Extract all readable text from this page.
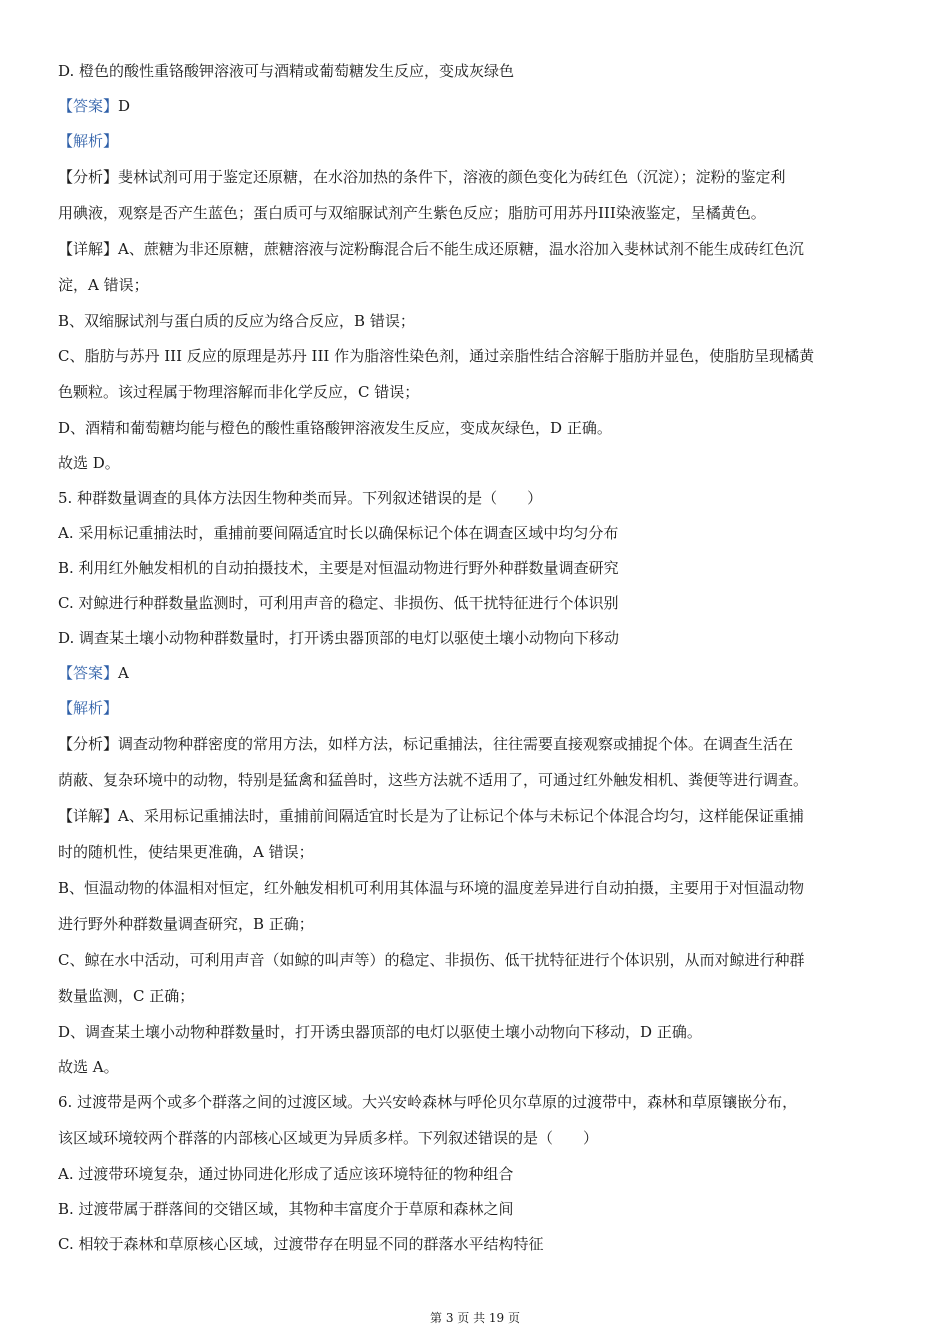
D. 橙色的酸性重铬酸钾溶液可与酒精或葡萄糖发生反应，变成灰绿色
【答案】D
【解析】
【分析】斐林试剂可用于鉴定还原糖，在水浴加热的条件下，溶液的颜色变化为砖红色（沉淀）；淀粉的鉴定利
用碘液，观察是否产生蓝色；蛋白质可与双缩脲试剂产生紫色反应；脂肪可用苏丹III染液鉴定，呈橘黄色。
【详解】A、蔗糖为非还原糖，蔗糖溶液与淀粉酶混合后不能生成还原糖，温水浴加入斐林试剂不能生成砖红色沉
淀，A 错误；
B、双缩脲试剂与蛋白质的反应为络合反应，B 错误；
C、脂肪与苏丹 III 反应的原理是苏丹 III 作为脂溶性染色剂，通过亲脂性结合溶解于脂肪并显色，使脂肪呈现橘黄
色颗粒。该过程属于物理溶解而非化学反应，C 错误；
D、酒精和葡萄糖均能与橙色的酸性重铬酸钾溶液发生反应，变成灰绿色，D 正确。
故选 D。
5. 种群数量调查的具体方法因生物种类而异。下列叙述错误的是（　　）
A. 采用标记重捕法时，重捕前要间隔适宜时长以确保标记个体在调查区域中均匀分布
B. 利用红外触发相机的自动拍摄技术，主要是对恒温动物进行野外种群数量调查研究
C. 对鲸进行种群数量监测时，可利用声音的稳定、非损伤、低干扰特征进行个体识别
D. 调查某土壤小动物种群数量时，打开诱虫器顶部的电灯以驱使土壤小动物向下移动
【答案】A
【解析】
【分析】调查动物种群密度的常用方法，如样方法，标记重捕法，往往需要直接观察或捕捉个体。在调查生活在
荫蔽、复杂环境中的动物，特别是猛禽和猛兽时，这些方法就不适用了，可通过红外触发相机、粪便等进行调查。
【详解】A、采用标记重捕法时，重捕前间隔适宜时长是为了让标记个体与未标记个体混合均匀，这样能保证重捕
时的随机性，使结果更准确，A 错误；
B、恒温动物的体温相对恒定，红外触发相机可利用其体温与环境的温度差异进行自动拍摄，主要用于对恒温动物
进行野外种群数量调查研究，B 正确；
C、鲸在水中活动，可利用声音（如鲸的叫声等）的稳定、非损伤、低干扰特征进行个体识别，从而对鲸进行种群
数量监测，C 正确；
D、调查某土壤小动物种群数量时，打开诱虫器顶部的电灯以驱使土壤小动物向下移动，D 正确。
故选 A。
6. 过渡带是两个或多个群落之间的过渡区域。大兴安岭森林与呼伦贝尔草原的过渡带中，森林和草原镶嵌分布，
该区域环境较两个群落的内部核心区域更为异质多样。下列叙述错误的是（　　）
A. 过渡带环境复杂，通过协同进化形成了适应该环境特征的物种组合
B. 过渡带属于群落间的交错区域，其物种丰富度介于草原和森林之间
C. 相较于森林和草原核心区域，过渡带存在明显不同的群落水平结构特征
第 3 页 共 19 页
